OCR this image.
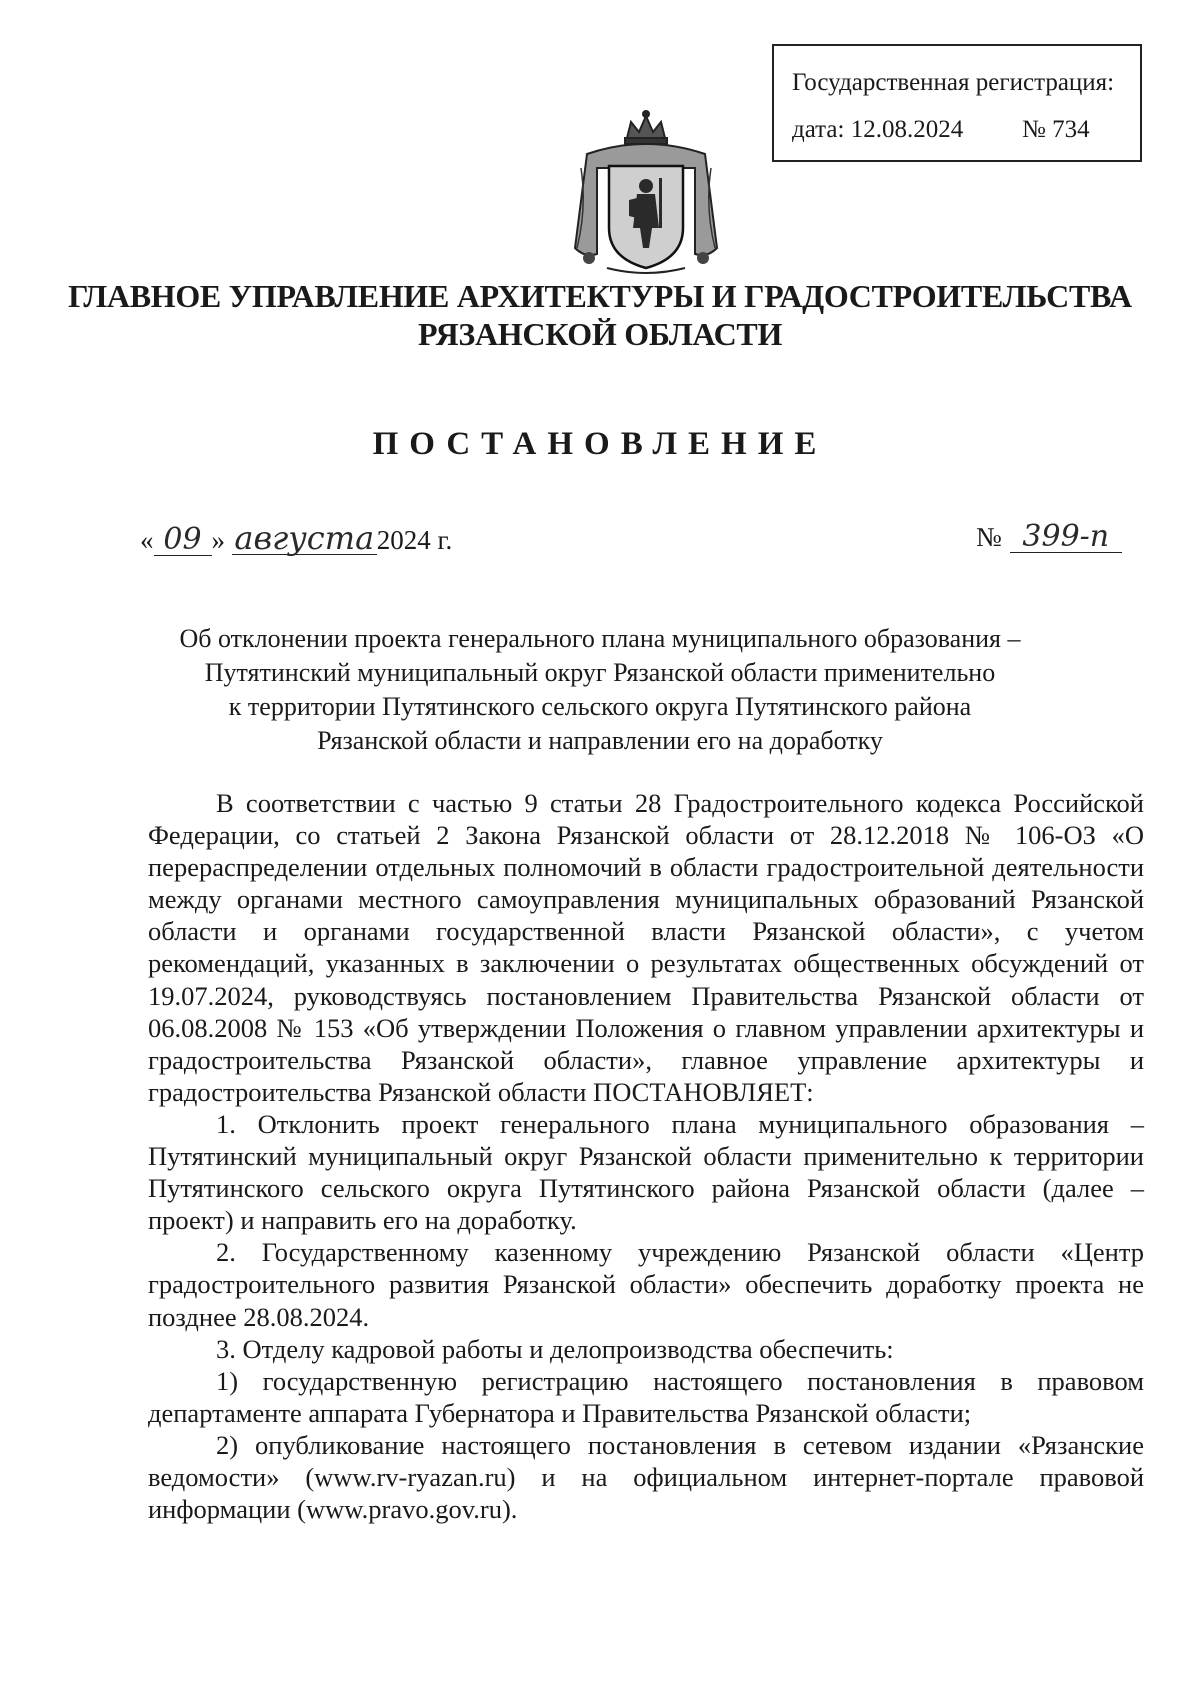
Государственная регистрация:
дата: 12.08.2024 № 734
ГЛАВНОЕ УПРАВЛЕНИЕ АРХИТЕКТУРЫ И ГРАДОСТРОИТЕЛЬСТВА
РЯЗАНСКОЙ ОБЛАСТИ
ПОСТАНОВЛЕНИЕ
« 09 » августа2024 г.	№ 399-п
Об отклонении проекта генерального плана муниципального образования –
Путятинский муниципальный округ Рязанской области применительно
к территории Путятинского сельского округа Путятинского района
Рязанской области и направлении его на доработку

В соответствии с частью 9 статьи 28 Градостроительного кодекса Российской Федерации, со статьей 2 Закона Рязанской области от 28.12.2018 № 106-ОЗ «О перераспределении отдельных полномочий в области градостроительной деятельности между органами местного самоуправления муниципальных образований Рязанской области и органами государственной власти Рязанской области», с учетом рекомендаций, указанных в заключении о результатах общественных обсуждений от 19.07.2024, руководствуясь постановлением Правительства Рязанской области от 06.08.2008 № 153 «Об утверждении Положения о главном управлении архитектуры и градостроительства Рязанской области», главное управление архитектуры и градостроительства Рязанской области ПОСТАНОВЛЯЕТ:

1. Отклонить проект генерального плана муниципального образования – Путятинский муниципальный округ Рязанской области применительно к территории Путятинского сельского округа Путятинского района Рязанской области (далее – проект) и направить его на доработку.

2. Государственному казенному учреждению Рязанской области «Центр градостроительного развития Рязанской области» обеспечить доработку проекта не позднее 28.08.2024.

3. Отделу кадровой работы и делопроизводства обеспечить:

1) государственную регистрацию настоящего постановления в правовом департаменте аппарата Губернатора и Правительства Рязанской области;

2) опубликование настоящего постановления в сетевом издании «Рязанские ведомости» (www.rv-ryazan.ru) и на официальном интернет-портале правовой информации (www.pravo.gov.ru).
